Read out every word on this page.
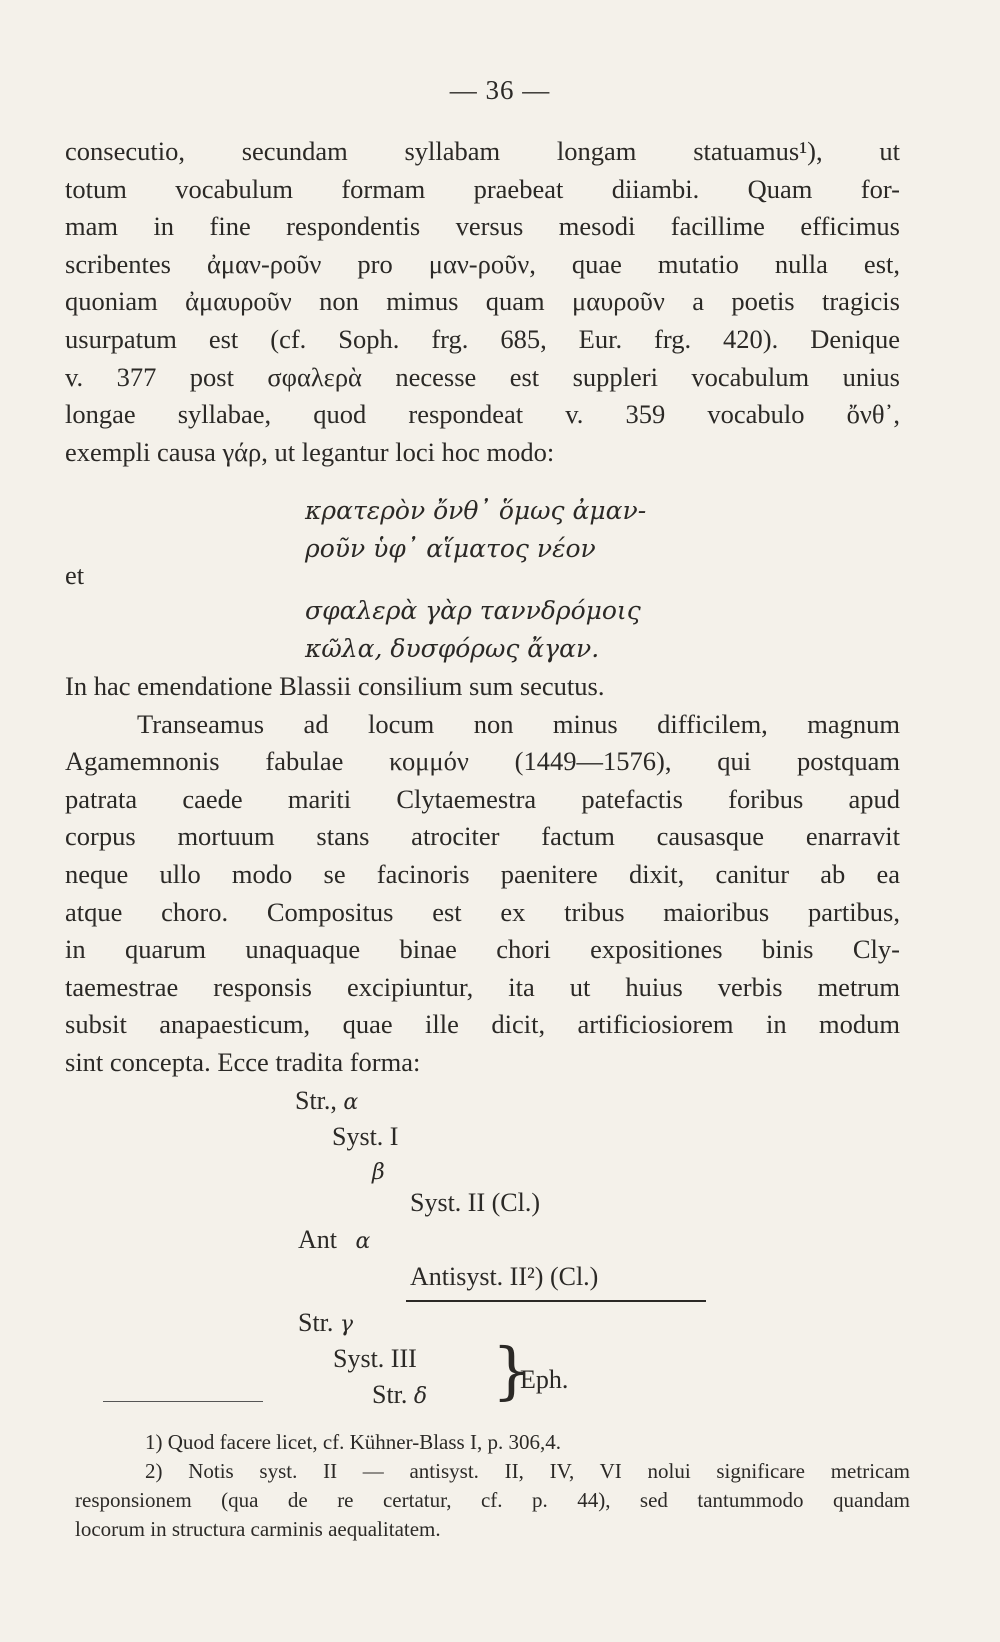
— 36 —
consecutio, secundam syllabam longam statuamus¹), ut
totum vocabulum formam praebeat diiambi. Quam for-
mam in fine respondentis versus mesodi facillime efficimus
scribentes ἀμαν-ροῦν pro μαν-ροῦν, quae mutatio nulla est,
quoniam ἀμαυροῦν non mimus quam μαυροῦν a poetis tragicis
usurpatum est (cf. Soph. frg. 685, Eur. frg. 420). Denique
v. 377 post σφαλερὰ necesse est suppleri vocabulum unius
longae syllabae, quod respondeat v. 359 vocabulo ὄνθ᾽,
exempli causa γάρ, ut legantur loci hoc modo:
κρατερὸν ὄνθ᾽ ὅμως ἀμαν-
ροῦν ὑφ᾽ αἵματος νέον
et
σφαλερὰ γὰρ ταννδρόμοις
κῶλα, δυσφόρως ἄγαν.
In hac emendatione Blassii consilium sum secutus.
Transeamus ad locum non minus difficilem, magnum
Agamemnonis fabulae κομμόν (1449—1576), qui postquam
patrata caede mariti Clytaemestra patefactis foribus apud
corpus mortuum stans atrociter factum causasque enarravit
neque ullo modo se facinoris paenitere dixit, canitur ab ea
atque choro. Compositus est ex tribus maioribus partibus,
in quarum unaquaque binae chori expositiones binis Cly-
taemestrae responsis excipiuntur, ita ut huius verbis metrum
subsit anapaesticum, quae ille dicit, artificiosiorem in modum
sint concepta. Ecce tradita forma:
Str., α
Syst. I
β
Syst. II (Cl.)
Ant α
Antisyst. II²) (Cl.)
Str. γ
Syst. III
Str. δ }
Eph.
1) Quod facere licet, cf. Kühner-Blass I, p. 306,4.
2) Notis syst. II — antisyst. II, IV, VI nolui significare metricam
responsionem (qua de re certatur, cf. p. 44), sed tantummodo quandam
locorum in structura carminis aequalitatem.
